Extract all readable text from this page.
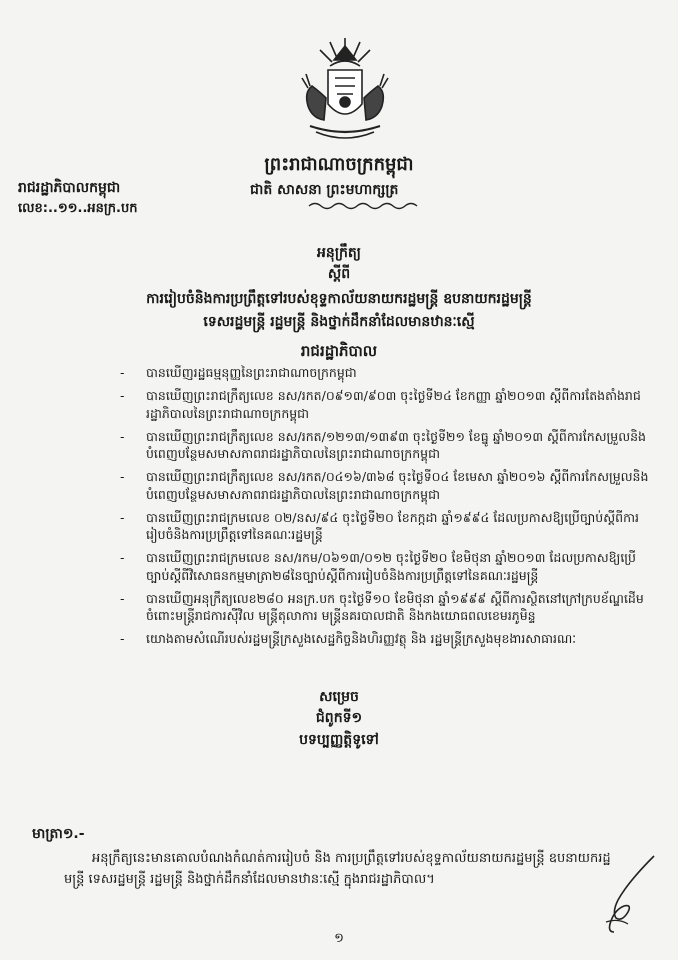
ព្រះរាជាណាចក្រកម្ពុជា
រាជរដ្ឋាភិបាលកម្ពុជា	ជាតិ សាសនា ព្រះមហាក្សត្រ
លេខ:..១១..អនក្រ.បក
អនុក្រឹត្យ
ស្តីពី
ការរៀបចំនិងការប្រព្រឹត្តទៅរបស់ខុទ្ទកាល័យនាយករដ្ឋមន្ត្រី ឧបនាយករដ្ឋមន្ត្រី
ទេសរដ្ឋមន្ត្រី រដ្ឋមន្ត្រី និងថ្នាក់ដឹកនាំដែលមានឋានៈស្មើ
រាជរដ្ឋាភិបាល
- បានឃើញរដ្ឋធម្មនុញ្ញនៃព្រះរាជាណាចក្រកម្ពុជា
- បានឃើញព្រះរាជក្រឹត្យលេខ នស/រកត/០៩១៣/៩០៣ ចុះថ្ងៃទី២៤ ខែកញ្ញា ឆ្នាំ២០១៣ ស្តីពីការតែងតាំងរាជរដ្ឋាភិបាលនៃព្រះរាជាណាចក្រកម្ពុជា
- បានឃើញព្រះរាជក្រឹត្យលេខ នស/រកត/១២១៣/១៣៩៣ ចុះថ្ងៃទី២១ ខែធ្នូ ឆ្នាំ២០១៣ ស្តីពីការកែសម្រួលនិងបំពេញបន្ថែមសមាសភាពរាជរដ្ឋាភិបាលនៃព្រះរាជាណាចក្រកម្ពុជា
- បានឃើញព្រះរាជក្រឹត្យលេខ នស/រកត/០៤១៦/៣៦៨ ចុះថ្ងៃទី០៤ ខែមេសា ឆ្នាំ២០១៦ ស្តីពីការកែសម្រួលនិងបំពេញបន្ថែមសមាសភាពរាជរដ្ឋាភិបាលនៃព្រះរាជាណាចក្រកម្ពុជា
- បានឃើញព្រះរាជក្រមលេខ ០២/នស/៩៤ ចុះថ្ងៃទី២០ ខែកក្កដា ឆ្នាំ១៩៩៤ ដែលប្រកាសឱ្យប្រើច្បាប់ស្តីពីការរៀបចំនិងការប្រព្រឹត្តទៅនៃគណៈរដ្ឋមន្ត្រី
- បានឃើញព្រះរាជក្រមលេខ នស/រកម/០៦១៣/០១២ ចុះថ្ងៃទី២០ ខែមិថុនា ឆ្នាំ២០១៣ ដែលប្រកាសឱ្យប្រើច្បាប់ស្តីពីវិសោធនកម្មមាត្រា២៨នៃច្បាប់ស្តីពីការរៀបចំនិងការប្រព្រឹត្តទៅនៃគណៈរដ្ឋមន្ត្រី
- បានឃើញអនុក្រឹត្យលេខ២៨០ អនក្រ.បក ចុះថ្ងៃទី១០ ខែមិថុនា ឆ្នាំ១៩៩៩ ស្តីពីការស្ថិតនៅក្រៅក្របខ័ណ្ឌដើម ចំពោះមន្ត្រីរាជការស៊ីវិល មន្ត្រីតុលាការ មន្ត្រីនគរបាលជាតិ និងកងយោធពលខេមរភូមិន្ទ
- យោងតាមសំណើរបស់រដ្ឋមន្ត្រីក្រសួងសេដ្ឋកិច្ចនិងហិរញ្ញវត្ថុ និង រដ្ឋមន្ត្រីក្រសួងមុខងារសាធារណៈ
សម្រេច
ជំពូកទី១
បទប្បញ្ញត្តិទូទៅ
មាត្រា១.-
អនុក្រឹត្យនេះមានគោលបំណងកំណត់ការរៀបចំ និង ការប្រព្រឹត្តទៅរបស់ខុទ្ទកាល័យនាយករដ្ឋមន្ត្រី ឧបនាយករដ្ឋមន្ត្រី ទេសរដ្ឋមន្ត្រី រដ្ឋមន្ត្រី និងថ្នាក់ដឹកនាំដែលមានឋានៈស្មើ ក្នុងរាជរដ្ឋាភិបាល។
១
